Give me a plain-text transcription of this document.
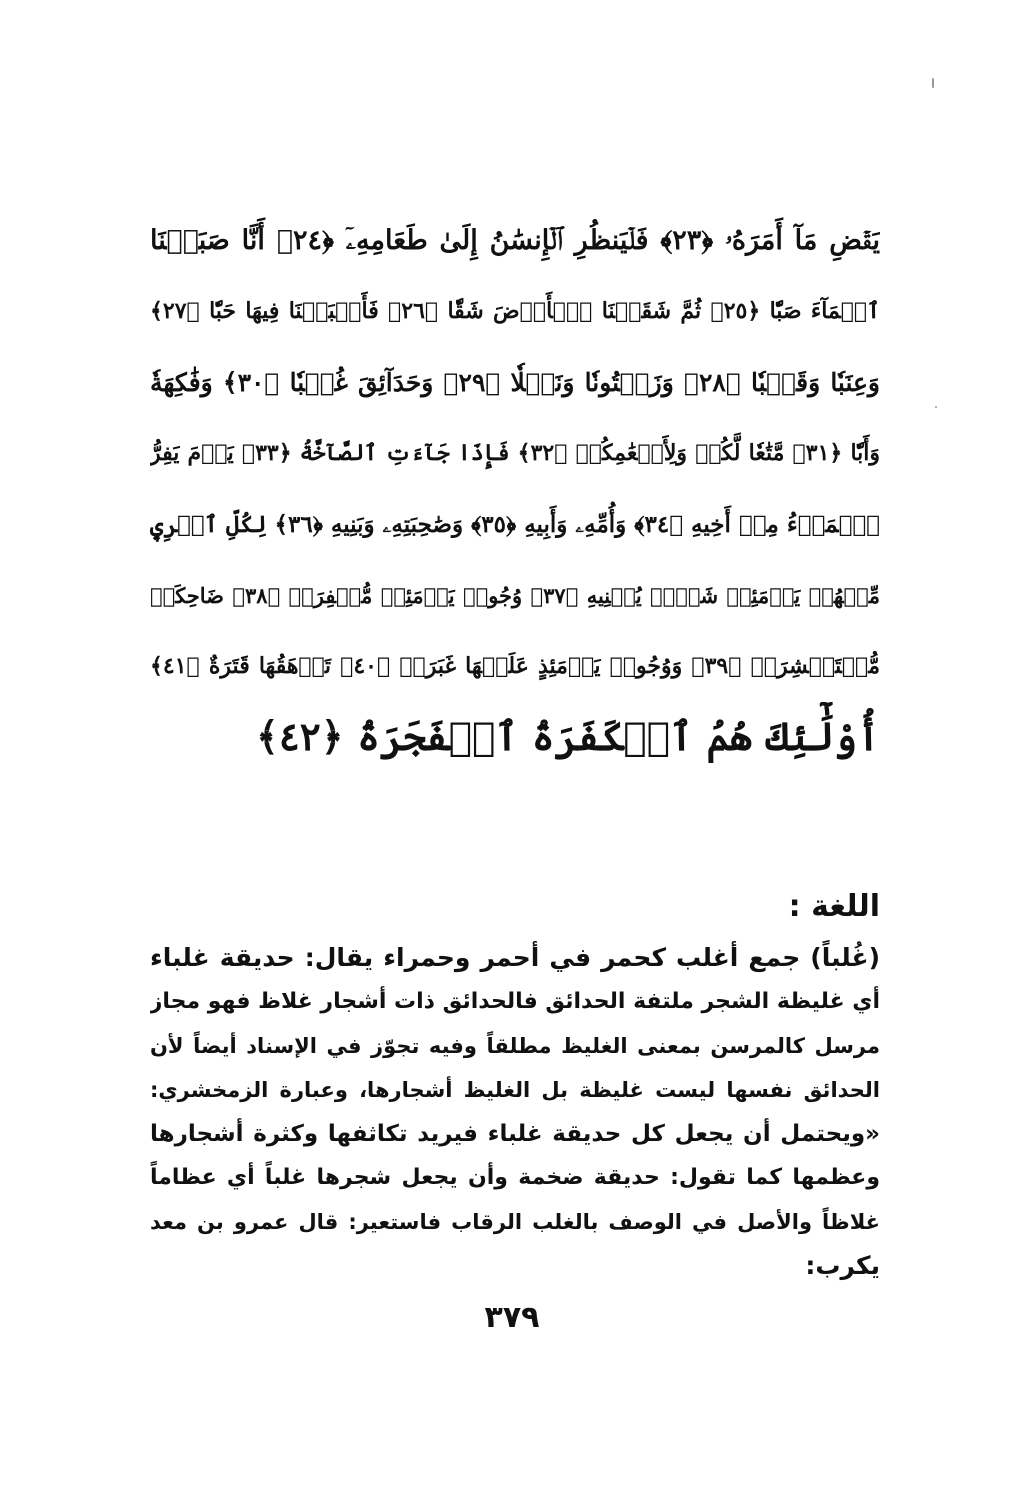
يَقۡضِ مَآ أَمَرَهُۥ ﴿٢٣﴾ فَلۡيَنظُرِ ٱلۡإِنسَٰنُ إِلَىٰ طَعَامِهِۦٓ ﴿٢٤﴾ أَنَّا صَبَبۡنَا
ٱلۡمَآءَ صَبّٗا ﴿٢٥﴾ ثُمَّ شَقَقۡنَا ٱلۡأَرۡضَ شَقّٗا ﴿٢٦﴾ فَأَنۢبَتۡنَا فِيهَا حَبّٗا ﴿٢٧﴾
وَعِنَبٗا وَقَضۡبٗا ﴿٢٨﴾ وَزَيۡتُونٗا وَنَخۡلٗا ﴿٢٩﴾ وَحَدَآئِقَ غُلۡبٗا ﴿٣٠﴾ وَفَٰكِهَةٗ
وَأَبّٗا ﴿٣١﴾ مَّتَٰعٗا لَّكُمۡ وَلِأَنۡعَٰمِكُمۡ ﴿٣٢﴾ فَإِذَا جَآءَتِ ٱلصَّآخَّةُ ﴿٣٣﴾ يَوۡمَ يَفِرُّ
ٱلۡمَرۡءُ مِنۡ أَخِيهِ ﴿٣٤﴾ وَأُمِّهِۦ وَأَبِيهِ ﴿٣٥﴾ وَصَٰحِبَتِهِۦ وَبَنِيهِ ﴿٣٦﴾ لِكُلِّ ٱمۡرِيٕٖ
مِّنۡهُمۡ يَوۡمَئِذٖ شَأۡنٞ يُغۡنِيهِ ﴿٣٧﴾ وُجُوهٞ يَوۡمَئِذٖ مُّسۡفِرَةٞ ﴿٣٨﴾ ضَاحِكَةٞ
مُّسۡتَبۡشِرَةٞ ﴿٣٩﴾ وَوُجُوهٞ يَوۡمَئِذٍ عَلَيۡهَا غَبَرَةٞ ﴿٤٠﴾ تَرۡهَقُهَا قَتَرَةٌ ﴿٤١﴾
أُوْلَٰٓئِكَ هُمُ ٱلۡكَفَرَةُ ٱلۡفَجَرَةُ ﴿٤٢﴾
اللغة :
(غُلباً) جمع أغلب كحمر في أحمر وحمراء يقال: حديقة غلباء
أي غليظة الشجر ملتفة الحدائق فالحدائق ذات أشجار غلاظ فهو مجاز
مرسل كالمرسن بمعنى الغليظ مطلقاً وفيه تجوّز في الإسناد أيضاً لأن
الحدائق نفسها ليست غليظة بل الغليظ أشجارها، وعبارة الزمخشري:
«ويحتمل أن يجعل كل حديقة غلباء فيريد تكاثفها وكثرة أشجارها
وعظمها كما تقول: حديقة ضخمة وأن يجعل شجرها غلباً أي عظاماً
غلاظاً والأصل في الوصف بالغلب الرقاب فاستعير: قال عمرو بن معد
يكرب:
٣٧٩
